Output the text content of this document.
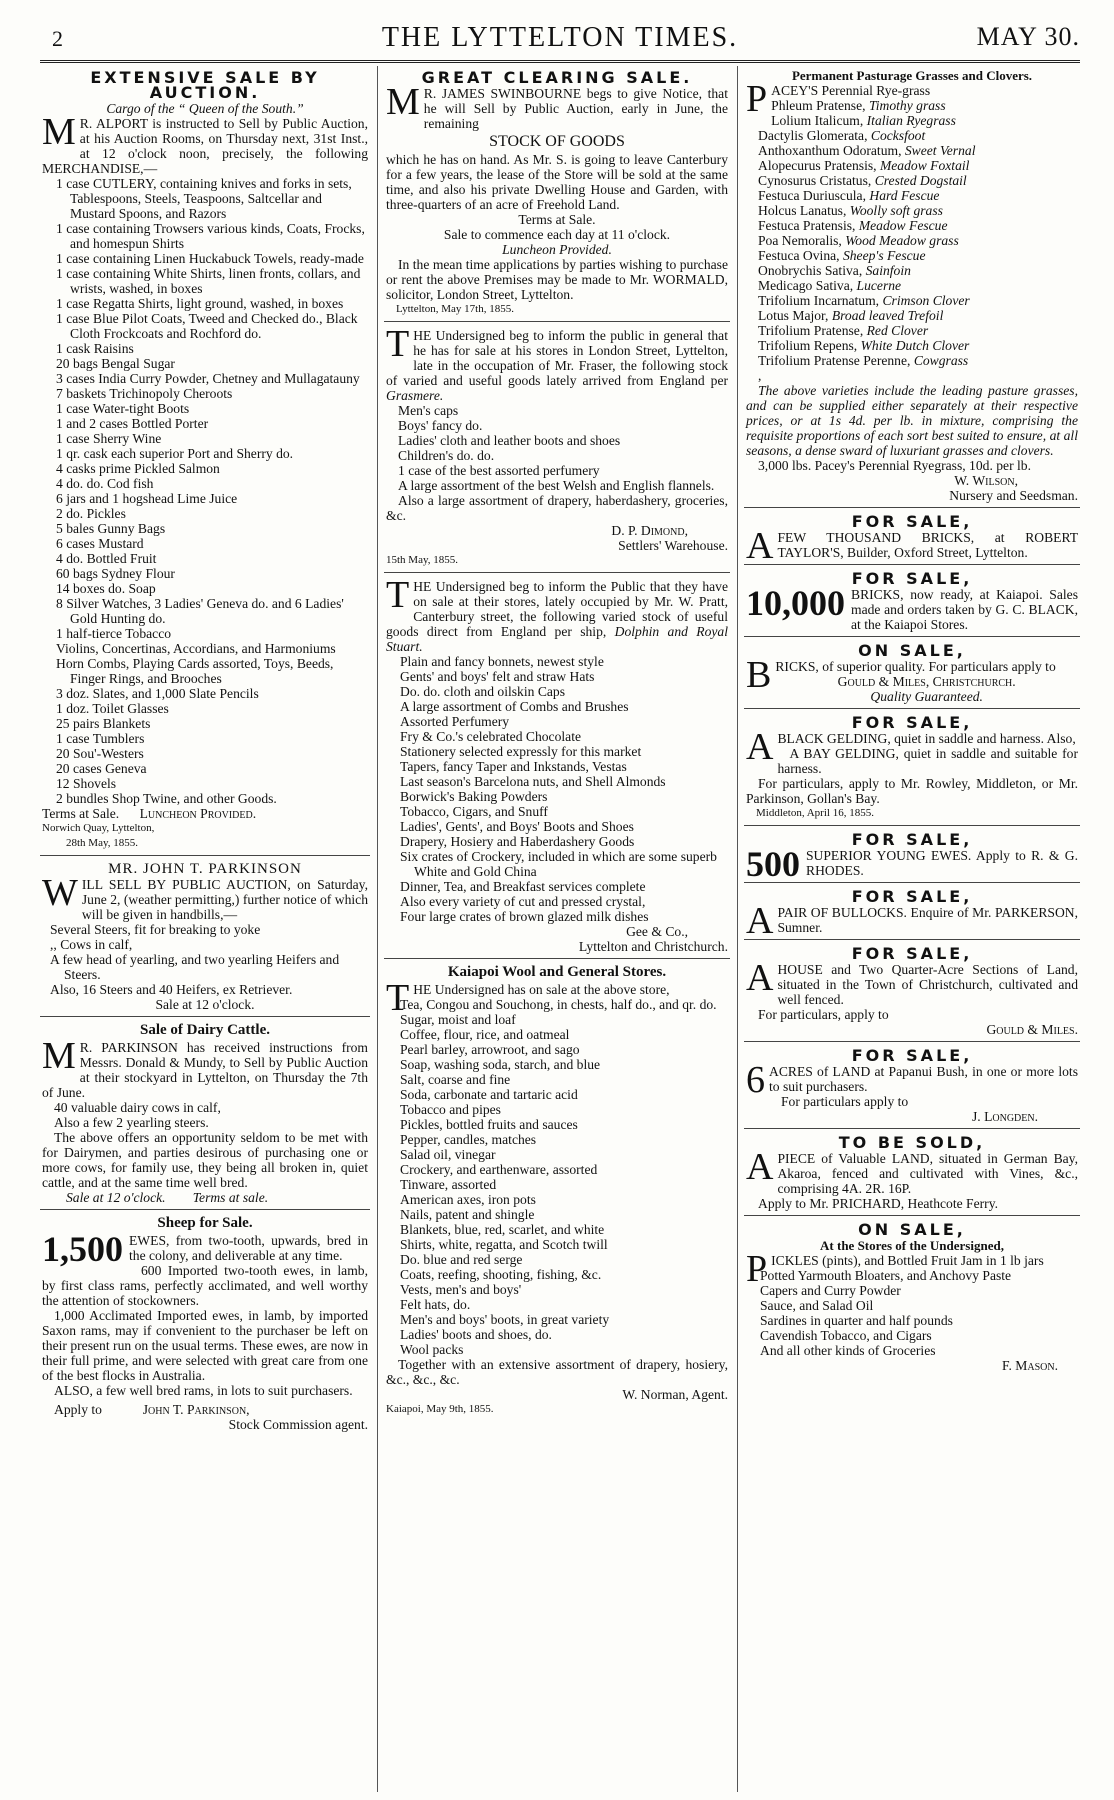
2	THE LYTTELTON TIMES.	MAY 30.
EXTENSIVE SALE BY AUCTION.
Cargo of the “ Queen of the South.”

M R. ALPORT is instructed to Sell by Public Auction, at his Auction Rooms, on Thursday next, 31st Inst., at 12 o'clock noon, precisely, the following MERCHANDISE,—

1 case CUTLERY, containing knives and forks in sets, Tablespoons, Steels, Teaspoons, Saltcellar and Mustard Spoons, and Razors

1 case containing Trowsers various kinds, Coats, Frocks, and homespun Shirts

1 case containing Linen Huckabuck Towels, ready-made

1 case containing White Shirts, linen fronts, collars, and wrists, washed, in boxes

1 case Regatta Shirts, light ground, washed, in boxes

1 case Blue Pilot Coats, Tweed and Checked do., Black Cloth Frockcoats and Rochford do.

1 cask Raisins

20 bags Bengal Sugar

3 cases India Curry Powder, Chetney and Mullagatauny

7 baskets Trichinopoly Cheroots

1 case Water-tight Boots

1 and 2 cases Bottled Porter

1 case Sherry Wine

1 qr. cask each superior Port and Sherry do.

4 casks prime Pickled Salmon

4 do. do. Cod fish

6 jars and 1 hogshead Lime Juice

2 do. Pickles

5 bales Gunny Bags

6 cases Mustard

4 do. Bottled Fruit

60 bags Sydney Flour

14 boxes do. Soap

8 Silver Watches, 3 Ladies' Geneva do. and 6 Ladies' Gold Hunting do.

1 half-tierce Tobacco

Violins, Concertinas, Accordians, and Harmoniums

Horn Combs, Playing Cards assorted, Toys, Beeds, Finger Rings, and Brooches

3 doz. Slates, and 1,000 Slate Pencils

1 doz. Toilet Glasses

25 pairs Blankets

1 case Tumblers

20 Sou'-Westers

20 cases Geneva

12 Shovels

2 bundles Shop Twine, and other Goods.

Terms at Sale. Luncheon Provided.

Norwich Quay, Lyttelton,
28th May, 1855.
MR. JOHN T. PARKINSON

WILL SELL BY PUBLIC AUCTION, on Saturday, June 2, (weather permitting,) further notice of which will be given in handbills,—

Several Steers, fit for breaking to yoke

,, Cows in calf,

A few head of yearling, and two yearling Heifers and Steers.

Also, 16 Steers and 40 Heifers, ex Retriever.

Sale at 12 o'clock.

Sale of Dairy Cattle.

M R. PARKINSON has received instructions from Messrs. Donald & Mundy, to Sell by Public Auction at their stockyard in Lyttelton, on Thursday the 7th of June.

40 valuable dairy cows in calf,

Also a few 2 yearling steers.

The above offers an opportunity seldom to be met with for Dairymen, and parties desirous of purchasing one or more cows, for family use, they being all broken in, quiet cattle, and at the same time well bred.

Sale at 12 o'clock. Terms at sale.

Sheep for Sale.

1,500 EWES, from two-tooth, upwards, bred in the colony, and deliverable at any time.

600 Imported two-tooth ewes, in lamb, by first class rams, perfectly acclimated, and well worthy the attention of stockowners.

1,000 Acclimated Imported ewes, in lamb, by imported Saxon rams, may if convenient to the purchaser be left on their present run on the usual terms. These ewes, are now in their full prime, and were selected with great care from one of the best flocks in Australia.

ALSO, a few well bred rams, in lots to suit purchasers.

Apply to	John T. Parkinson,

Stock Commission agent.

GREAT CLEARING SALE.

M R. JAMES SWINBOURNE begs to give Notice, that he will Sell by Public Auction, early in June, the remaining

STOCK OF GOODS

which he has on hand. As Mr. S. is going to leave Canterbury for a few years, the lease of the Store will be sold at the same time, and also his private Dwelling House and Garden, with three-quarters of an acre of Freehold Land.

Terms at Sale.
Sale to commence each day at 11 o'clock.
Luncheon Provided.

In the mean time applications by parties wishing to purchase or rent the above Premises may be made to Mr. WORMALD, solicitor, London Street, Lyttelton.

Lyttelton, May 17th, 1855.

THE Undersigned beg to inform the public in general that he has for sale at his stores in London Street, Lyttelton, late in the occupation of Mr. Fraser, the following stock of varied and useful goods lately arrived from England per Grasmere.

Men's caps

Boys' fancy do.

Ladies' cloth and leather boots and shoes

Children's do. do.

1 case of the best assorted perfumery

A large assortment of the best Welsh and English flannels.

Also a large assortment of drapery, haberdashery, groceries, &c.

D. P. Dimond,

Settlers' Warehouse.

15th May, 1855.

THE Undersigned beg to inform the Public that they have on sale at their stores, lately occupied by Mr. W. Pratt, Canterbury street, the following varied stock of useful goods direct from England per ship, Dolphin and Royal Stuart.

Plain and fancy bonnets, newest style

Gents' and boys' felt and straw Hats

Do. do. cloth and oilskin Caps

A large assortment of Combs and Brushes

Assorted Perfumery

Fry & Co.'s celebrated Chocolate

Stationery selected expressly for this market

Tapers, fancy Taper and Inkstands, Vestas

Last season's Barcelona nuts, and Shell Almonds

Borwick's Baking Powders

Tobacco, Cigars, and Snuff

Ladies', Gents', and Boys' Boots and Shoes

Drapery, Hosiery and Haberdashery Goods

Six crates of Crockery, included in which are some superb White and Gold China

Dinner, Tea, and Breakfast services complete

Also every variety of cut and pressed crystal,

Four large crates of brown glazed milk dishes

Gee & Co.,

Lyttelton and Christchurch.

Kaiapoi Wool and General Stores.

THE Undersigned has on sale at the above store,

Tea, Congou and Souchong, in chests, half do., and qr. do.

Sugar, moist and loaf

Coffee, flour, rice, and oatmeal

Pearl barley, arrowroot, and sago

Soap, washing soda, starch, and blue

Salt, coarse and fine

Soda, carbonate and tartaric acid

Tobacco and pipes

Pickles, bottled fruits and sauces

Pepper, candles, matches

Salad oil, vinegar

Crockery, and earthenware, assorted

Tinware, assorted

American axes, iron pots

Nails, patent and shingle

Blankets, blue, red, scarlet, and white

Shirts, white, regatta, and Scotch twill

Do. blue and red serge

Coats, reefing, shooting, fishing, &c.

Vests, men's and boys'

Felt hats, do.

Men's and boys' boots, in great variety

Ladies' boots and shoes, do.

Wool packs

Together with an extensive assortment of drapery, hosiery, &c., &c., &c.

W. Norman, Agent.

Kaiapoi, May 9th, 1855.
Permanent Pasturage Grasses and Clovers.

PACEY'S Perennial Rye-grass

Phleum Pratense, Timothy grass

Lolium Italicum, Italian Ryegrass

Dactylis Glomerata, Cocksfoot

Anthoxanthum Odoratum, Sweet Vernal

Alopecurus Pratensis, Meadow Foxtail

Cynosurus Cristatus, Crested Dogstail

Festuca Duriuscula, Hard Fescue

Holcus Lanatus, Woolly soft grass

Festuca Pratensis, Meadow Fescue

Poa Nemoralis, Wood Meadow grass

Festuca Ovina, Sheep's Fescue

Onobrychis Sativa, Sainfoin

Medicago Sativa, Lucerne

Trifolium Incarnatum, Crimson Clover

Lotus Major, Broad leaved Trefoil

Trifolium Pratense, Red Clover

Trifolium Repens, White Dutch Clover

Trifolium Pratense Perenne, Cowgrass

,

The above varieties include the leading pasture grasses, and can be supplied either separately at their respective prices, or at 1s 4d. per lb. in mixture, comprising the requisite proportions of each sort best suited to ensure, at all seasons, a dense sward of luxuriant grasses and clovers.

3,000 lbs. Pacey's Perennial Ryegrass, 10d. per lb.

W. Wilson,

Nursery and Seedsman.

FOR SALE,

A FEW THOUSAND BRICKS, at ROBERT TAYLOR'S, Builder, Oxford Street, Lyttelton.

FOR SALE,

10,000 BRICKS, now ready, at Kaiapoi. Sales made and orders taken by G. C. BLACK, at the Kaiapoi Stores.

ON SALE,

BRICKS, of superior quality. For particulars apply to

Gould & Miles, Christchurch.

Quality Guaranteed.

FOR SALE,

A BLACK GELDING, quiet in saddle and harness. Also,

A BAY GELDING, quiet in saddle and suitable for harness.

For particulars, apply to Mr. Rowley, Middleton, or Mr. Parkinson, Gollan's Bay.

Middleton, April 16, 1855.
FOR SALE,

500 SUPERIOR YOUNG EWES. Apply to R. & G. RHODES.

FOR SALE,

A PAIR OF BULLOCKS. Enquire of Mr. PARKERSON, Sumner.

FOR SALE,

A HOUSE and Two Quarter-Acre Sections of Land, situated in the Town of Christchurch, cultivated and well fenced.

For particulars, apply to

Gould & Miles.

FOR SALE,

6 ACRES of LAND at Papanui Bush, in one or more lots to suit purchasers.

For particulars apply to

J. Longden.

TO BE SOLD,

A PIECE of Valuable LAND, situated in German Bay, Akaroa, fenced and cultivated with Vines, &c., comprising 4A. 2R. 16P.

Apply to Mr. PRICHARD, Heathcote Ferry.

ON SALE,
At the Stores of the Undersigned,

PICKLES (pints), and Bottled Fruit Jam in 1 lb jars

Potted Yarmouth Bloaters, and Anchovy Paste

Capers and Curry Powder

Sauce, and Salad Oil

Sardines in quarter and half pounds

Cavendish Tobacco, and Cigars

And all other kinds of Groceries

F. Mason.
